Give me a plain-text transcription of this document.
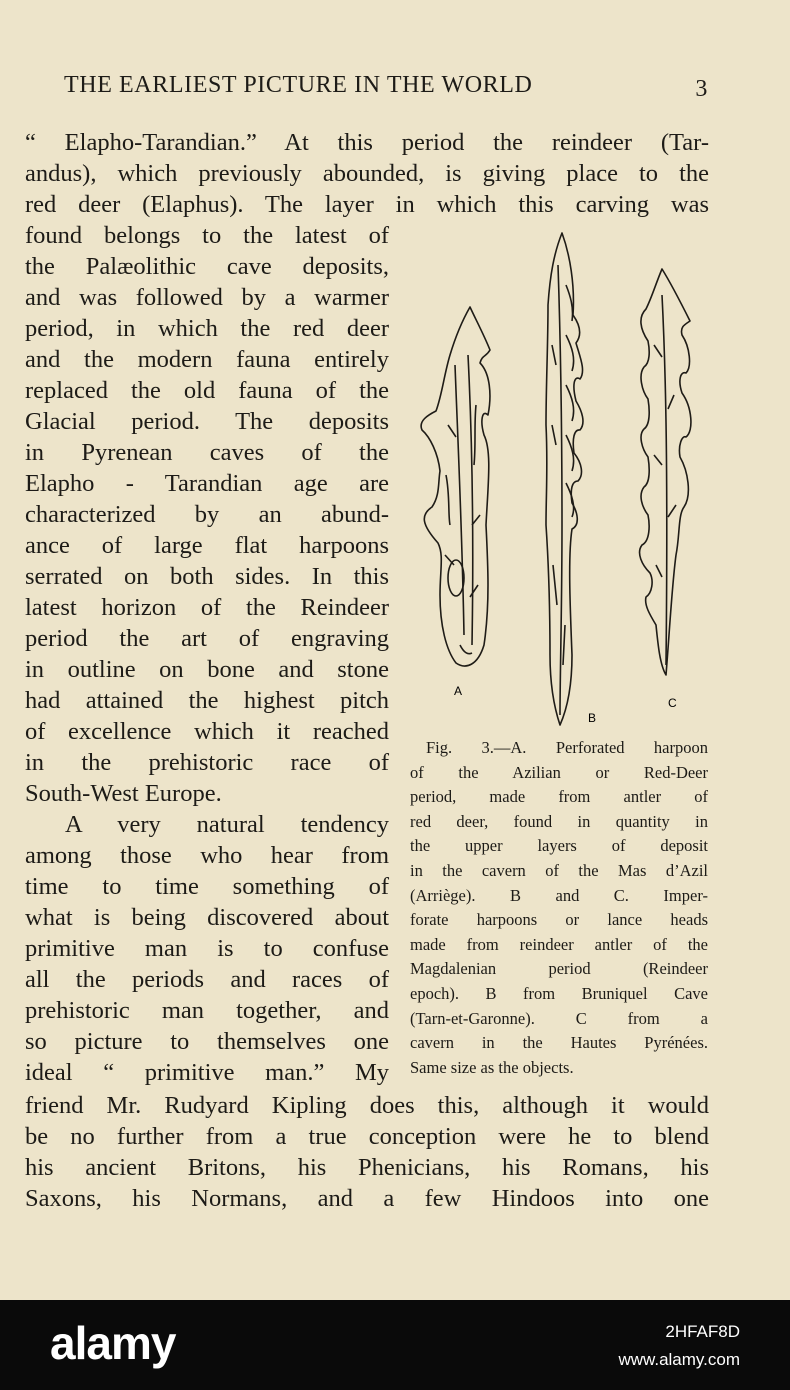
THE EARLIEST PICTURE IN THE WORLD	3
“ Elapho-Tarandian.” At this period the reindeer (Tar-
andus), which previously abounded, is giving place to the
red deer (Elaphus). The layer in which this carving was
found belongs to the latest of
the Palæolithic cave deposits,
and was followed by a warmer
period, in which the red deer
and the modern fauna entirely
replaced the old fauna of the
Glacial period. The deposits
in Pyrenean caves of the
Elapho - Tarandian age are
characterized by an abund-
ance of large flat harpoons
serrated on both sides. In this
latest horizon of the Reindeer
period the art of engraving
in outline on bone and stone
had attained the highest pitch
of excellence which it reached
in the prehistoric race of
South-West Europe.
A very natural tendency
among those who hear from
time to time something of
what is being discovered about
primitive man is to confuse
all the periods and races of
prehistoric man together, and
so picture to themselves one
ideal “ primitive man.” My
friend Mr. Rudyard Kipling does this, although it would
be no further from a true conception were he to blend
his ancient Britons, his Phenicians, his Romans, his
Saxons, his Normans, and a few Hindoos into one
A
B
C
Fig. 3.—A. Perforated harpoon
of the Azilian or Red-Deer
period, made from antler of
red deer, found in quantity in
the upper layers of deposit
in the cavern of the Mas d’Azil
(Arriège). B and C. Imper-
forate harpoons or lance heads
made from reindeer antler of the
Magdalenian period (Reindeer
epoch). B from Bruniquel Cave
(Tarn-et-Garonne). C from a
cavern in the Hautes Pyrénées.
Same size as the objects.
alamy	2HFAF8D
www.alamy.com
